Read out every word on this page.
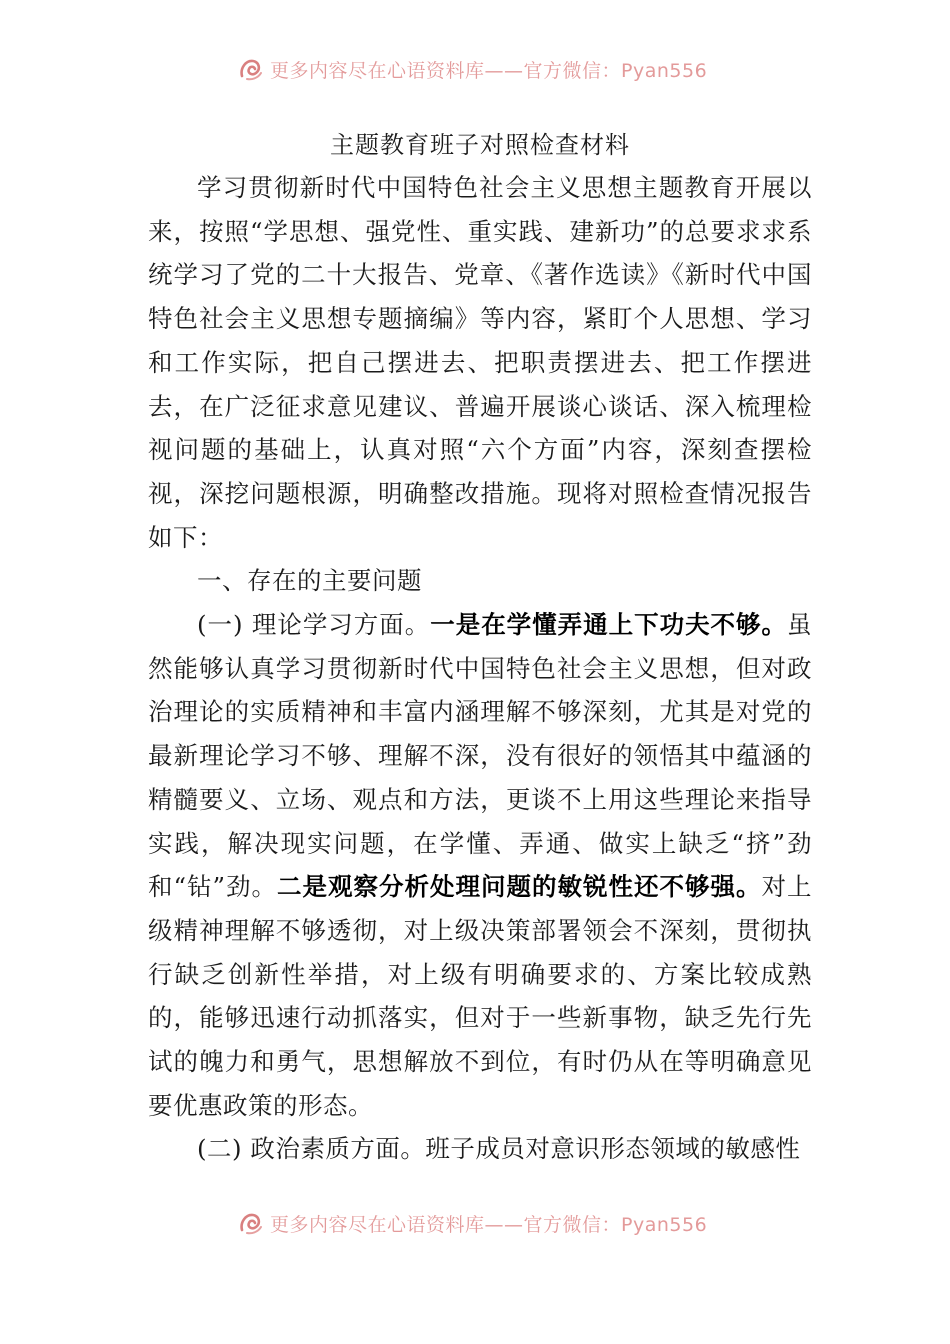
更多内容尽在心语资料库——官方微信：Pyan556
主题教育班子对照检查材料

学习贯彻新时代中国特色社会主义思想主题教育开展以来，按照“学思想、强党性、重实践、建新功”的总要求求系统学习了党的二十大报告、党章、《著作选读》《新时代中国特色社会主义思想专题摘编》等内容，紧盯个人思想、学习和工作实际，把自己摆进去、把职责摆进去、把工作摆进去，在广泛征求意见建议、普遍开展谈心谈话、深入梳理检视问题的基础上，认真对照“六个方面”内容，深刻查摆检视，深挖问题根源，明确整改措施。现将对照检查情况报告如下：

一、存在的主要问题

(一) 理论学习方面。一是在学懂弄通上下功夫不够。虽然能够认真学习贯彻新时代中国特色社会主义思想，但对政治理论的实质精神和丰富内涵理解不够深刻，尤其是对党的最新理论学习不够、理解不深，没有很好的领悟其中蕴涵的精髓要义、立场、观点和方法，更谈不上用这些理论来指导实践，解决现实问题，在学懂、弄通、做实上缺乏“挤”劲和“钻”劲。二是观察分析处理问题的敏锐性还不够强。对上级精神理解不够透彻，对上级决策部署领会不深刻，贯彻执行缺乏创新性举措，对上级有明确要求的、方案比较成熟的，能够迅速行动抓落实，但对于一些新事物，缺乏先行先试的魄力和勇气，思想解放不到位，有时仍从在等明确意见要优惠政策的形态。

(二) 政治素质方面。班子成员对意识形态领域的敏感性

更多内容尽在心语资料库——官方微信：Pyan556
